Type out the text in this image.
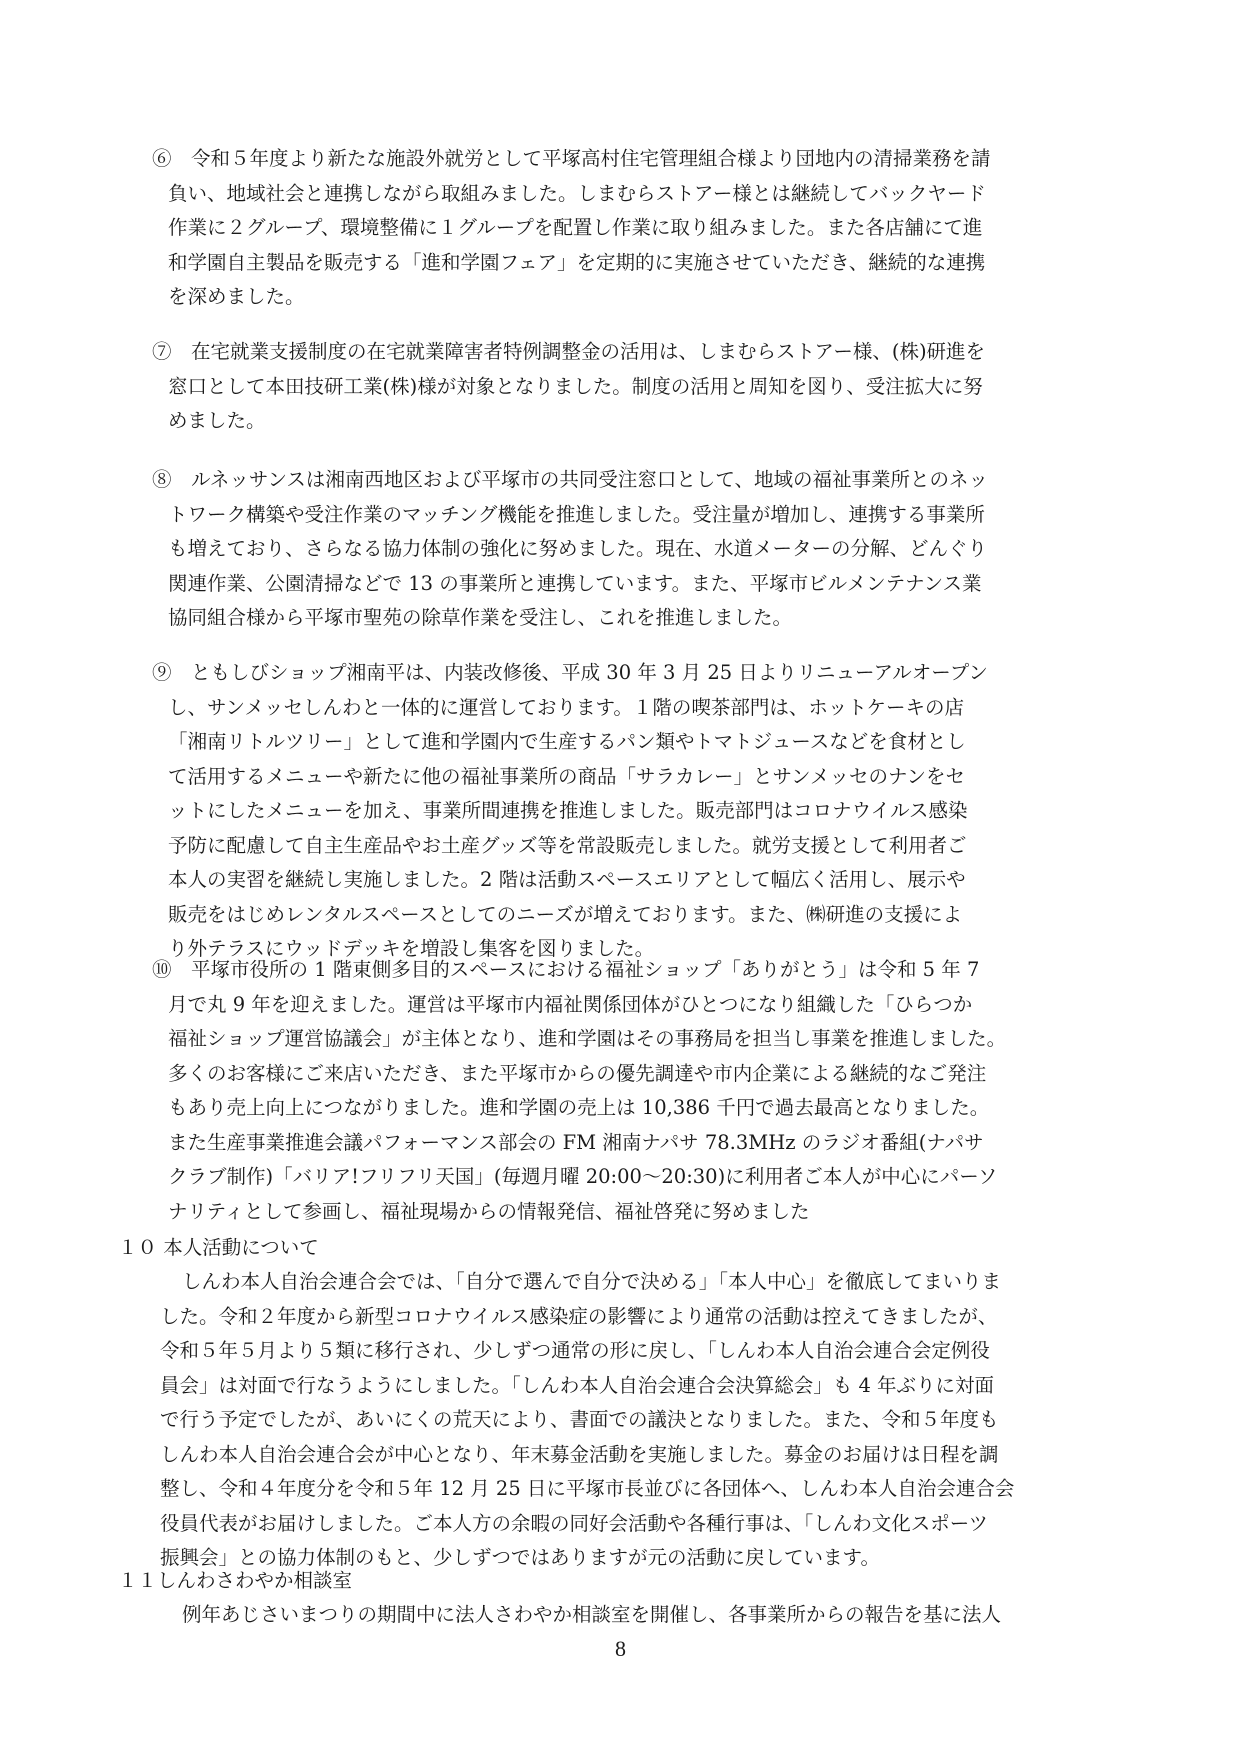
⑥　令和５年度より新たな施設外就労として平塚高村住宅管理組合様より団地内の清掃業務を請
負い、地域社会と連携しながら取組みました。しまむらストアー様とは継続してバックヤード
作業に２グループ、環境整備に１グループを配置し作業に取り組みました。また各店舗にて進
和学園自主製品を販売する「進和学園フェア」を定期的に実施させていただき、継続的な連携
を深めました。
⑦　在宅就業支援制度の在宅就業障害者特例調整金の活用は、しまむらストアー様、(株)研進を
窓口として本田技研工業(株)様が対象となりました。制度の活用と周知を図り、受注拡大に努
めました。
⑧　ルネッサンスは湘南西地区および平塚市の共同受注窓口として、地域の福祉事業所とのネッ
トワーク構築や受注作業のマッチング機能を推進しました。受注量が増加し、連携する事業所
も増えており、さらなる協力体制の強化に努めました。現在、水道メーターの分解、どんぐり
関連作業、公園清掃などで 13 の事業所と連携しています。また、平塚市ビルメンテナンス業
協同組合様から平塚市聖苑の除草作業を受注し、これを推進しました。
⑨　ともしびショップ湘南平は、内装改修後、平成 30 年 3 月 25 日よりリニューアルオープン
し、サンメッセしんわと一体的に運営しております。１階の喫茶部門は、ホットケーキの店
「湘南リトルツリー」として進和学園内で生産するパン類やトマトジュースなどを食材とし
て活用するメニューや新たに他の福祉事業所の商品「サラカレー」とサンメッセのナンをセ
ットにしたメニューを加え、事業所間連携を推進しました。販売部門はコロナウイルス感染
予防に配慮して自主生産品やお土産グッズ等を常設販売しました。就労支援として利用者ご
本人の実習を継続し実施しました。2 階は活動スペースエリアとして幅広く活用し、展示や
販売をはじめレンタルスペースとしてのニーズが増えております。また、㈱研進の支援によ
り外テラスにウッドデッキを増設し集客を図りました。
⑩　平塚市役所の 1 階東側多目的スペースにおける福祉ショップ「ありがとう」は令和 5 年 7
月で丸 9 年を迎えました。運営は平塚市内福祉関係団体がひとつになり組織した「ひらつか
福祉ショップ運営協議会」が主体となり、進和学園はその事務局を担当し事業を推進しました。
多くのお客様にご来店いただき、また平塚市からの優先調達や市内企業による継続的なご発注
もあり売上向上につながりました。進和学園の売上は 10,386 千円で過去最高となりました。
また生産事業推進会議パフォーマンス部会の FM 湘南ナパサ 78.3MHz のラジオ番組(ナパサ
クラブ制作)「バリア!フリフリ天国」(毎週月曜 20:00～20:30)に利用者ご本人が中心にパーソ
ナリティとして参画し、福祉現場からの情報発信、福祉啓発に努めました
１０ 本人活動について
しんわ本人自治会連合会では、「自分で選んで自分で決める」「本人中心」を徹底してまいりま
した。令和２年度から新型コロナウイルス感染症の影響により通常の活動は控えてきましたが、
令和５年５月より５類に移行され、少しずつ通常の形に戻し、「しんわ本人自治会連合会定例役
員会」は対面で行なうようにしました。「しんわ本人自治会連合会決算総会」も 4 年ぶりに対面
で行う予定でしたが、あいにくの荒天により、書面での議決となりました。また、令和５年度も
しんわ本人自治会連合会が中心となり、年末募金活動を実施しました。募金のお届けは日程を調
整し、令和４年度分を令和５年 12 月 25 日に平塚市長並びに各団体へ、しんわ本人自治会連合会
役員代表がお届けしました。ご本人方の余暇の同好会活動や各種行事は、「しんわ文化スポーツ
振興会」との協力体制のもと、少しずつではありますが元の活動に戻しています。
１１しんわさわやか相談室
例年あじさいまつりの期間中に法人さわやか相談室を開催し、各事業所からの報告を基に法人
8
